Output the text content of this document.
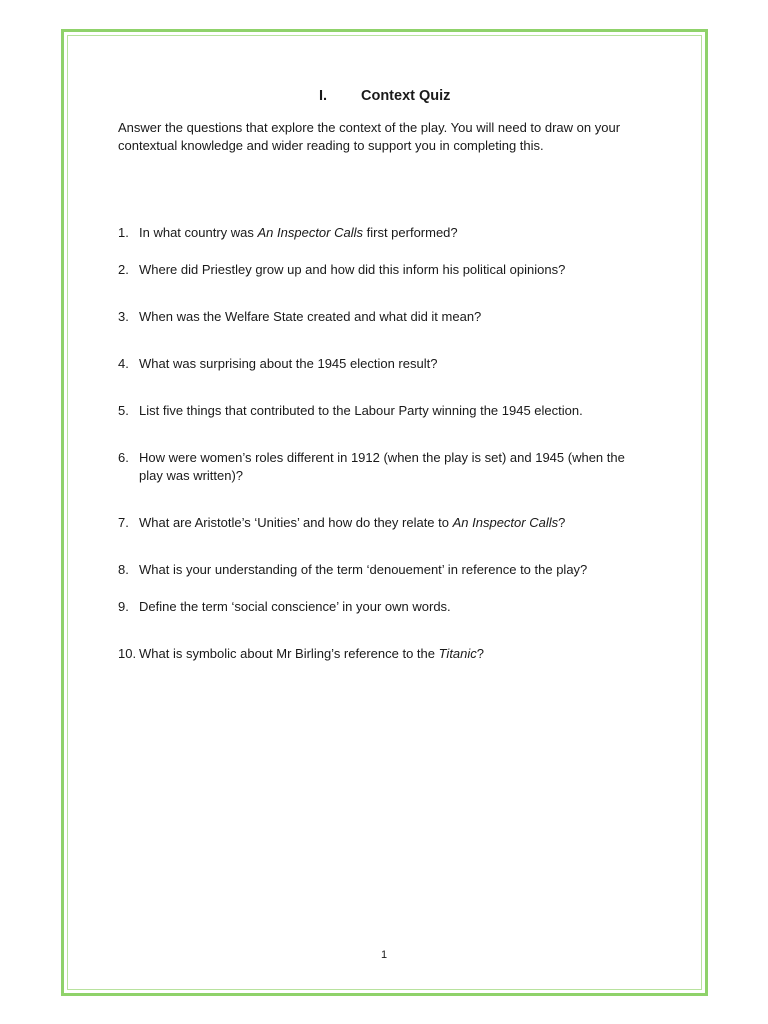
I. Context Quiz
Answer the questions that explore the context of the play. You will need to draw on your contextual knowledge and wider reading to support you in completing this.
1. In what country was An Inspector Calls first performed?
2. Where did Priestley grow up and how did this inform his political opinions?
3. When was the Welfare State created and what did it mean?
4. What was surprising about the 1945 election result?
5. List five things that contributed to the Labour Party winning the 1945 election.
6. How were women’s roles different in 1912 (when the play is set) and 1945 (when the play was written)?
7. What are Aristotle’s ‘Unities’ and how do they relate to An Inspector Calls?
8. What is your understanding of the term ‘denouement’ in reference to the play?
9. Define the term ‘social conscience’ in your own words.
10. What is symbolic about Mr Birling’s reference to the Titanic?
1
